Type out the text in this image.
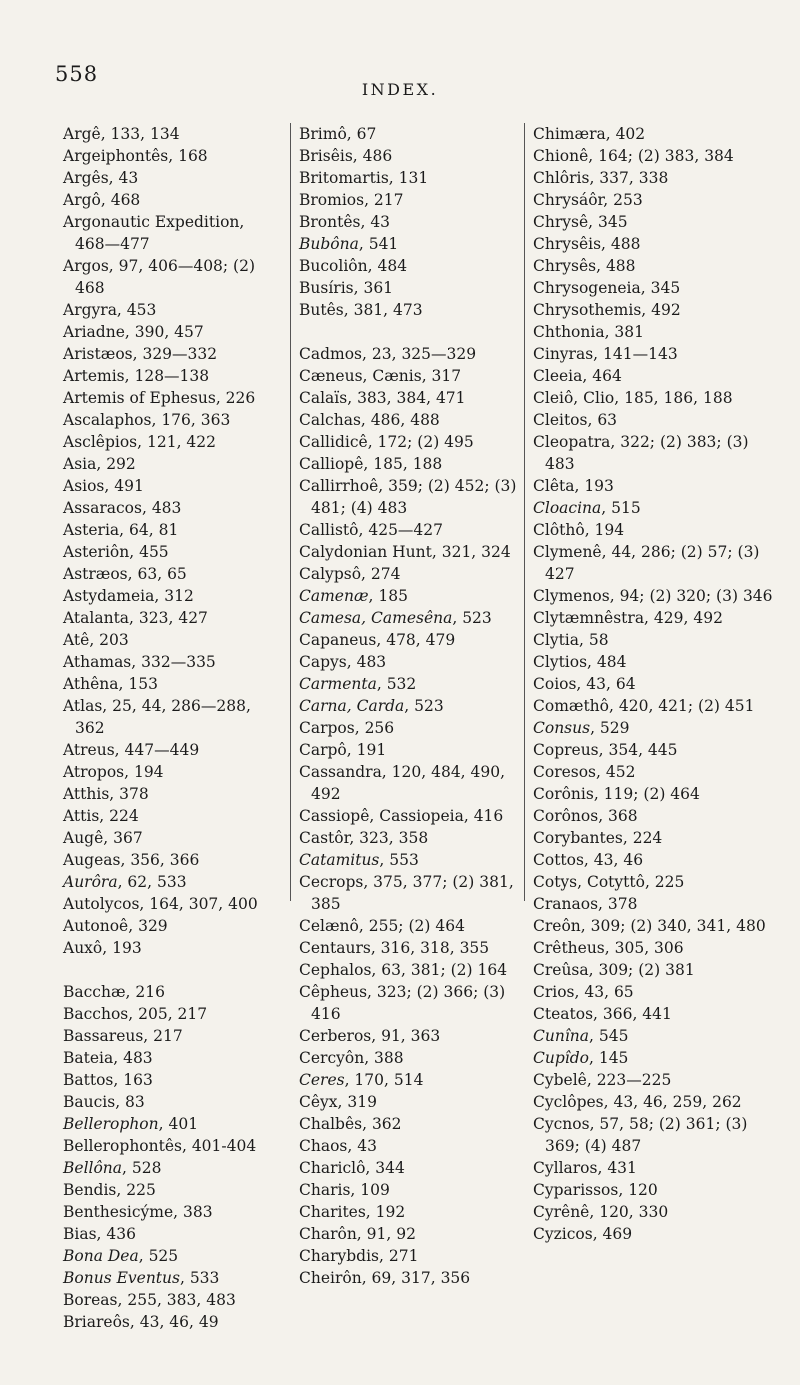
558
INDEX.
Argê, 133, 134
Argeiphontês, 168
Argês, 43
Argô, 468
Argonautic Expedition, 468—477
Argos, 97, 406—408; (2) 468
Argyra, 453
Ariadne, 390, 457
Aristæos, 329—332
Artemis, 128—138
Artemis of Ephesus, 226
Ascalaphos, 176, 363
Asclêpios, 121, 422
Asia, 292
Asios, 491
Assaracos, 483
Asteria, 64, 81
Asteriôn, 455
Astræos, 63, 65
Astydameia, 312
Atalanta, 323, 427
Atê, 203
Athamas, 332—335
Athêna, 153
Atlas, 25, 44, 286—288, 362
Atreus, 447—449
Atropos, 194
Atthis, 378
Attis, 224
Augê, 367
Augeas, 356, 366
Aurôra, 62, 533
Autolycos, 164, 307, 400
Autonoê, 329
Auxô, 193
Bacchæ, 216
Bacchos, 205, 217
Bassareus, 217
Bateia, 483
Battos, 163
Baucis, 83
Bellerophon, 401
Bellerophontês, 401-404
Bellôna, 528
Bendis, 225
Benthesicýme, 383
Bias, 436
Bona Dea, 525
Bonus Eventus, 533
Boreas, 255, 383, 483
Briareôs, 43, 46, 49
Brimô, 67
Brisêis, 486
Britomartis, 131
Bromios, 217
Brontês, 43
Bubôna, 541
Bucoliôn, 484
Busíris, 361
Butês, 381, 473
Cadmos, 23, 325—329
Cæneus, Cænis, 317
Calaïs, 383, 384, 471
Calchas, 486, 488
Callidicê, 172; (2) 495
Calliopê, 185, 188
Callirrhoê, 359; (2) 452; (3) 481; (4) 483
Callistô, 425—427
Calydonian Hunt, 321, 324
Calypsô, 274
Camenæ, 185
Camesa, Camesêna, 523
Capaneus, 478, 479
Capys, 483
Carmenta, 532
Carna, Carda, 523
Carpos, 256
Carpô, 191
Cassandra, 120, 484, 490, 492
Cassiopê, Cassiopeia, 416
Castôr, 323, 358
Catamitus, 553
Cecrops, 375, 377; (2) 381, 385
Celænô, 255; (2) 464
Centaurs, 316, 318, 355
Cephalos, 63, 381; (2) 164
Cêpheus, 323; (2) 366; (3) 416
Cerberos, 91, 363
Cercyôn, 388
Ceres, 170, 514
Cêyx, 319
Chalbês, 362
Chaos, 43
Chariclô, 344
Charis, 109
Charites, 192
Charôn, 91, 92
Charybdis, 271
Cheirôn, 69, 317, 356
Chimæra, 402
Chionê, 164; (2) 383, 384
Chlôris, 337, 338
Chrysáôr, 253
Chrysê, 345
Chrysêis, 488
Chrysês, 488
Chrysogeneia, 345
Chrysothemis, 492
Chthonia, 381
Cinyras, 141—143
Cleeia, 464
Cleiô, Clio, 185, 186, 188
Cleitos, 63
Cleopatra, 322; (2) 383; (3) 483
Clêta, 193
Cloacina, 515
Clôthô, 194
Clymenê, 44, 286; (2) 57; (3) 427
Clymenos, 94; (2) 320; (3) 346
Clytæmnêstra, 429, 492
Clytia, 58
Clytios, 484
Coios, 43, 64
Comæthô, 420, 421; (2) 451
Consus, 529
Copreus, 354, 445
Coresos, 452
Corônis, 119; (2) 464
Corônos, 368
Corybantes, 224
Cottos, 43, 46
Cotys, Cotyttô, 225
Cranaos, 378
Creôn, 309; (2) 340, 341, 480
Crêtheus, 305, 306
Creûsa, 309; (2) 381
Crios, 43, 65
Cteatos, 366, 441
Cunîna, 545
Cupîdo, 145
Cybelê, 223—225
Cyclôpes, 43, 46, 259, 262
Cycnos, 57, 58; (2) 361; (3) 369; (4) 487
Cyllaros, 431
Cyparissos, 120
Cyrênê, 120, 330
Cyzicos, 469
